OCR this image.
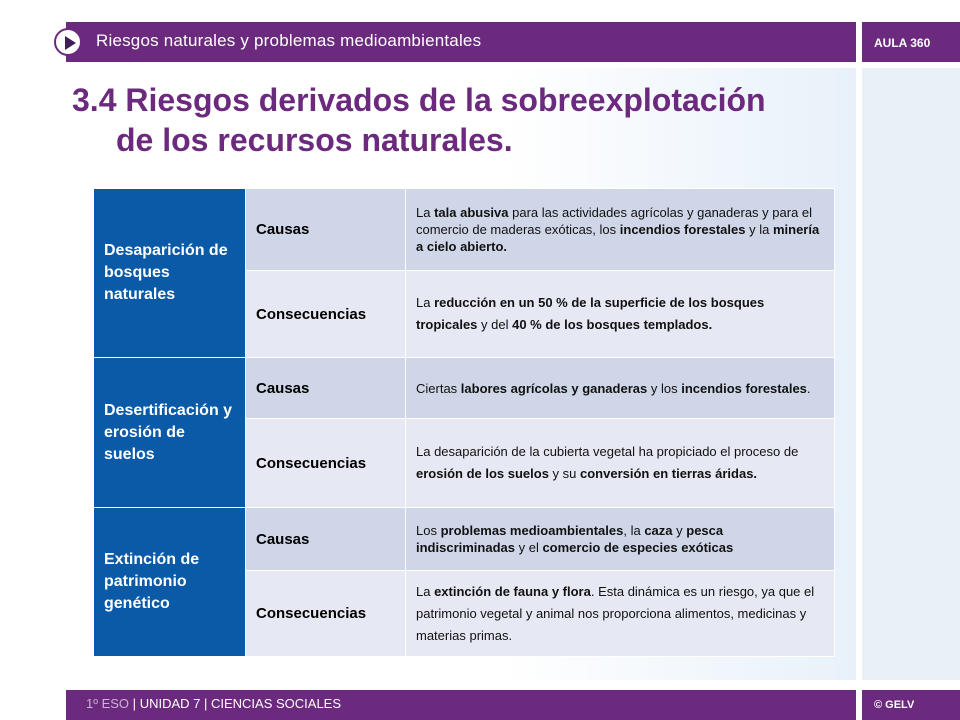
Riesgos naturales y problemas medioambientales	AULA 360
3.4 Riesgos derivados de la sobreexplotación
de los recursos naturales.
Desaparición de bosques naturales	Causas	La tala abusiva para las actividades agrícolas y ganaderas y para el comercio de maderas exóticas, los incendios forestales y la minería a cielo abierto.
	Consecuencias	La reducción en un 50 % de la superficie de los bosques tropicales y del 40 % de los bosques templados.
Desertificación y erosión de suelos	Causas	Ciertas labores agrícolas y ganaderas y los incendios forestales.
	Consecuencias	La desaparición de la cubierta vegetal ha propiciado el proceso de erosión de los suelos y su conversión en tierras áridas.
Extinción de patrimonio genético	Causas	Los problemas medioambientales, la caza y pesca indiscriminadas y el comercio de especies exóticas
	Consecuencias	La extinción de fauna y flora. Esta dinámica es un riesgo, ya que el patrimonio vegetal y animal nos proporciona alimentos, medicinas y materias primas.
1º ESO | UNIDAD 7 | CIENCIAS SOCIALES	© GELV
